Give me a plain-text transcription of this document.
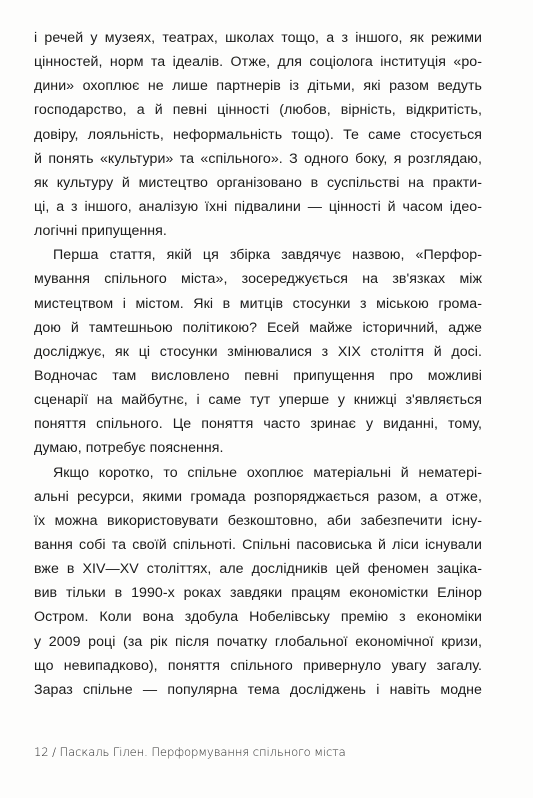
і речей у музеях, театрах, школах тощо, а з іншого, як режими
цінностей, норм та ідеалів. Отже, для соціолога інституція «ро-
дини» охоплює не лише партнерів із дітьми, які разом ведуть
господарство, а й певні цінності (любов, вірність, відкритість,
довіру, лояльність, неформальність тощо). Те саме стосується
й понять «культури» та «спільного». З одного боку, я розглядаю,
як культуру й мистецтво організовано в суспільстві на практи-
ці, а з іншого, аналізую їхні підвалини — цінності й часом ідео-
логічні припущення.
Перша стаття, якій ця збірка завдячує назвою, «Перфор-
мування спільного міста», зосереджується на зв'язках між
мистецтвом і містом. Які в митців стосунки з міською грома-
дою й тамтешньою політикою? Есей майже історичний, адже
досліджує, як ці стосунки змінювалися з XIX століття й досі.
Водночас там висловлено певні припущення про можливі
сценарії на майбутнє, і саме тут уперше у книжці з'являється
поняття спільного. Це поняття часто зринає у виданні, тому,
думаю, потребує пояснення.
Якщо коротко, то спільне охоплює матеріальні й нематері-
альні ресурси, якими громада розпоряджається разом, а отже,
їх можна використовувати безкоштовно, аби забезпечити існу-
вання собі та своїй спільноті. Спільні пасовиська й ліси існували
вже в XIV—XV століттях, але дослідників цей феномен заціка-
вив тільки в 1990-х роках завдяки працям економістки Елінор
Остром. Коли вона здобула Нобелівську премію з економіки
у 2009 році (за рік після початку глобальної економічної кризи,
що невипадково), поняття спільного привернуло увагу загалу.
Зараз спільне — популярна тема досліджень і навіть модне
12 / Паскаль Гілен. Перформування спільного міста
